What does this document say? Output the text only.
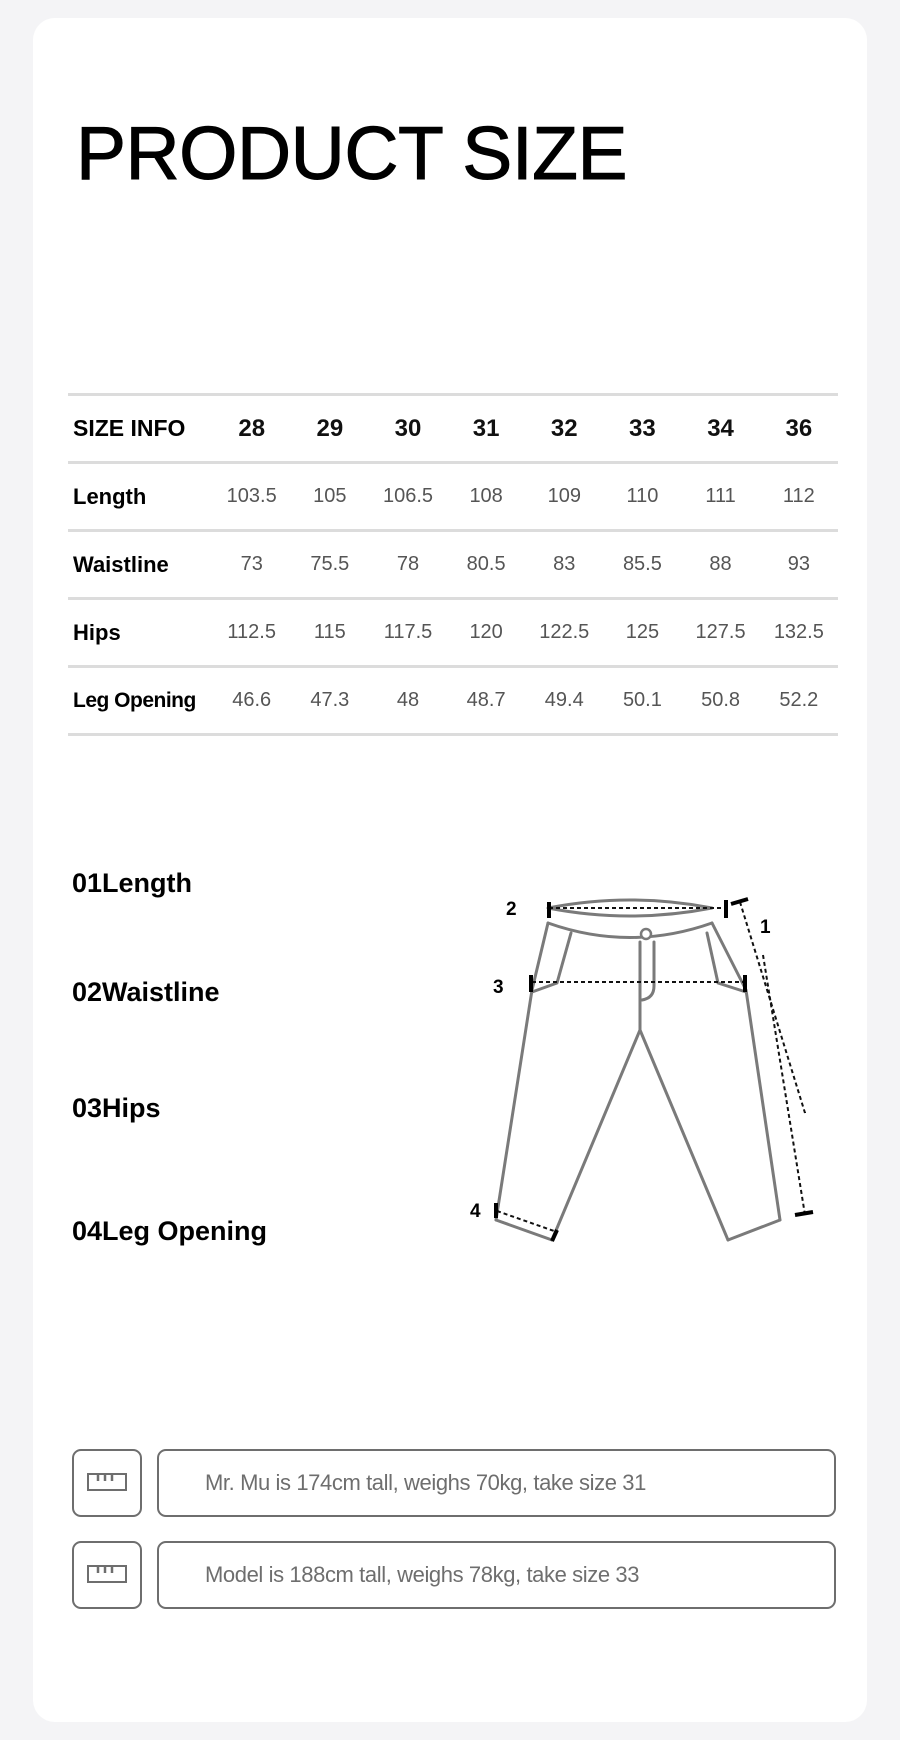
PRODUCT SIZE
SIZE INFO	28	29	30	31	32	33	34	36
Length	103.5	105	106.5	108	109	110	111	112
Waistline	73	75.5	78	80.5	83	85.5	88	93
Hips	112.5	115	117.5	120	122.5	125	127.5	132.5
Leg Opening	46.6	47.3	48	48.7	49.4	50.1	50.8	52.2

01Length

02Waistline

03Hips

04Leg Opening

2
1
3
4
Mr. Mu is 174cm tall, weighs 70kg, take size 31
Model is 188cm tall, weighs 78kg, take size 33
